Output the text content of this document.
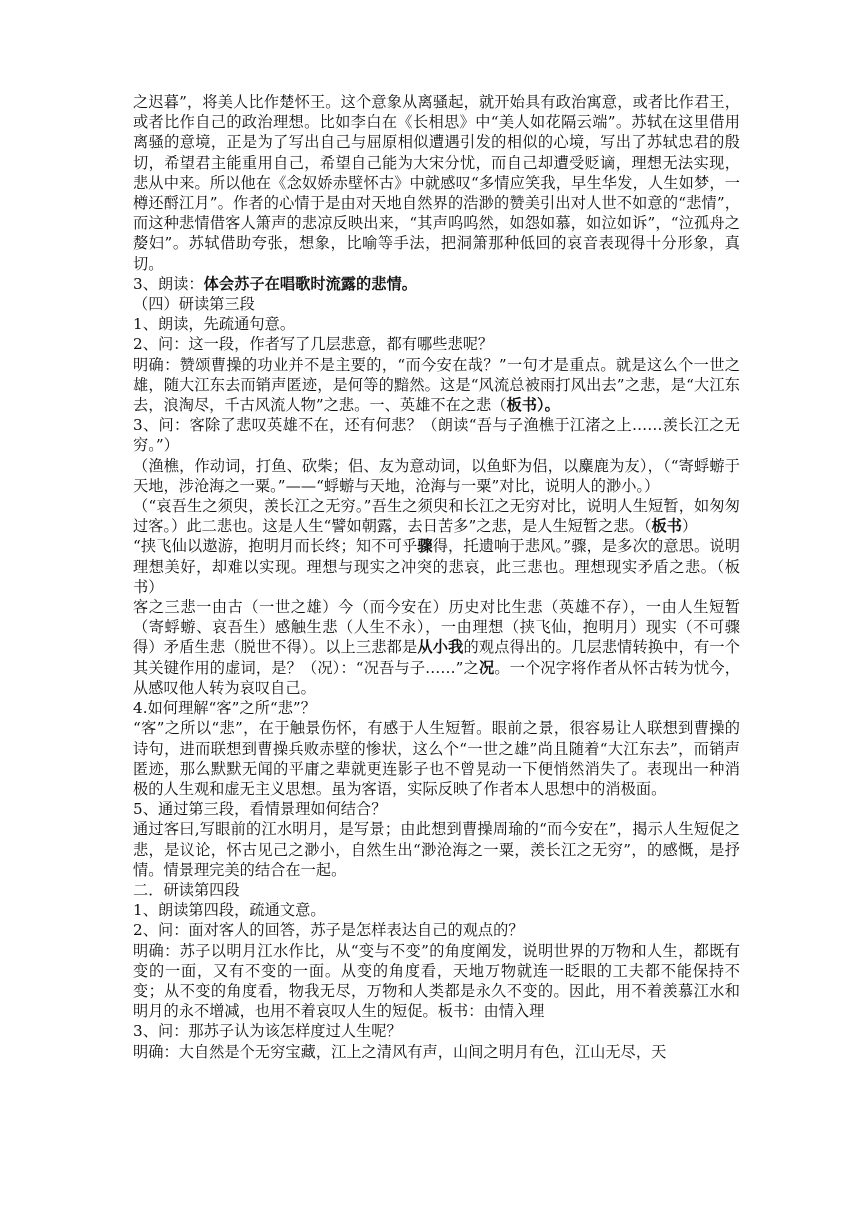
之迟暮”，将美人比作楚怀王。这个意象从离骚起，就开始具有政治寓意，或者比作君王，或者比作自己的政治理想。比如李白在《长相思》中“美人如花隔云端”。苏轼在这里借用离骚的意境，正是为了写出自己与屈原相似遭遇引发的相似的心境，写出了苏轼忠君的殷切，希望君主能重用自己，希望自己能为大宋分忧，而自己却遭受贬谪，理想无法实现，悲从中来。所以他在《念奴娇赤壁怀古》中就感叹“多情应笑我，早生华发，人生如梦，一樽还酹江月”。作者的心情于是由对天地自然界的浩渺的赞美引出对人世不如意的“悲情”，而这种悲情借客人箫声的悲凉反映出来，“其声呜呜然，如怨如慕，如泣如诉”，“泣孤舟之嫠妇”。苏轼借助夸张，想象，比喻等手法，把洞箫那种低回的哀音表现得十分形象，真切。

3、朗读：体会苏子在唱歌时流露的悲情。

（四）研读第三段

1、朗读，先疏通句意。

2、问：这一段，作者写了几层悲意，都有哪些悲呢？

明确：赞颂曹操的功业并不是主要的，“而今安在哉？”一句才是重点。就是这么个一世之雄，随大江东去而销声匿迹，是何等的黯然。这是“风流总被雨打风出去”之悲，是“大江东去，浪淘尽，千古风流人物”之悲。一、英雄不在之悲（板书）。

3、问：客除了悲叹英雄不在，还有何悲？（朗读“吾与子渔樵于江渚之上……羡长江之无穷。”）

（渔樵，作动词，打鱼、砍柴；侣、友为意动词，以鱼虾为侣，以麋鹿为友），（“寄蜉蝣于天地，涉沧海之一粟。”——“蜉蝣与天地，沧海与一粟”对比，说明人的渺小。）

（“哀吾生之须臾，羡长江之无穷。”吾生之须臾和长江之无穷对比，说明人生短暂，如匆匆过客。）此二悲也。这是人生“譬如朝露，去日苦多”之悲，是人生短暂之悲。（板书）

“挟飞仙以遨游，抱明月而长终；知不可乎骤得，托遗响于悲风。”骤，是多次的意思。说明理想美好，却难以实现。理想与现实之冲突的悲哀，此三悲也。理想现实矛盾之悲。（板书）

客之三悲一由古（一世之雄）今（而今安在）历史对比生悲（英雄不存），一由人生短暂（寄蜉蝣、哀吾生）感触生悲（人生不永），一由理想（挟飞仙，抱明月）现实（不可骤得）矛盾生悲（脱世不得）。以上三悲都是从小我的观点得出的。几层悲情转换中，有一个其关键作用的虚词，是？（况）：“况吾与子……”之况。一个况字将作者从怀古转为忧今，从感叹他人转为哀叹自己。

4.如何理解“客”之所“悲”？

“客”之所以“悲”，在于触景伤怀，有感于人生短暂。眼前之景，很容易让人联想到曹操的诗句，进而联想到曹操兵败赤壁的惨状，这么个“一世之雄”尚且随着“大江东去”，而销声匿迹，那么默默无闻的平庸之辈就更连影子也不曾晃动一下便悄然消失了。表现出一种消极的人生观和虚无主义思想。虽为客语，实际反映了作者本人思想中的消极面。

5、通过第三段，看情景理如何结合？

通过客曰,写眼前的江水明月，是写景；由此想到曹操周瑜的“而今安在”，揭示人生短促之悲，是议论，怀古见己之渺小，自然生出“渺沧海之一粟，羡长江之无穷”，的感慨，是抒情。情景理完美的结合在一起。

二．研读第四段

1、朗读第四段，疏通文意。

2、问：面对客人的回答，苏子是怎样表达自己的观点的？

明确：苏子以明月江水作比，从“变与不变”的角度阐发，说明世界的万物和人生，都既有变的一面，又有不变的一面。从变的角度看，天地万物就连一眨眼的工夫都不能保持不变；从不变的角度看，物我无尽，万物和人类都是永久不变的。因此，用不着羡慕江水和明月的永不增减，也用不着哀叹人生的短促。板书：由情入理

3、问：那苏子认为该怎样度过人生呢？

明确：大自然是个无穷宝藏，江上之清风有声，山间之明月有色，江山无尽，天
